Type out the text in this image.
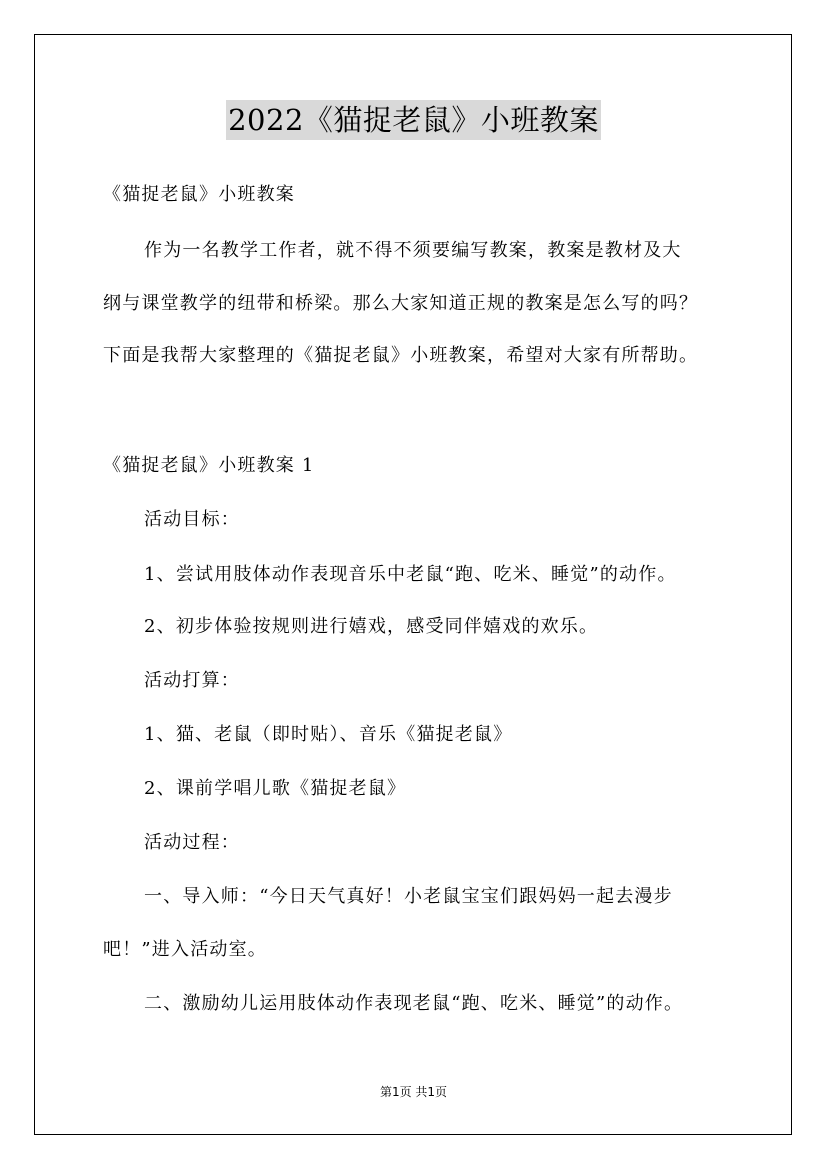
2022《猫捉老鼠》小班教案
《猫捉老鼠》小班教案
作为一名教学工作者，就不得不须要编写教案，教案是教材及大
纲与课堂教学的纽带和桥梁。那么大家知道正规的教案是怎么写的吗？
下面是我帮大家整理的《猫捉老鼠》小班教案，希望对大家有所帮助。
《猫捉老鼠》小班教案 1
活动目标：
1、尝试用肢体动作表现音乐中老鼠“跑、吃米、睡觉”的动作。
2、初步体验按规则进行嬉戏，感受同伴嬉戏的欢乐。
活动打算：
1、猫、老鼠（即时贴）、音乐《猫捉老鼠》
2、课前学唱儿歌《猫捉老鼠》
活动过程：
一、导入师：“今日天气真好！小老鼠宝宝们跟妈妈一起去漫步
吧！”进入活动室。
二、激励幼儿运用肢体动作表现老鼠“跑、吃米、睡觉”的动作。
第1页 共1页
